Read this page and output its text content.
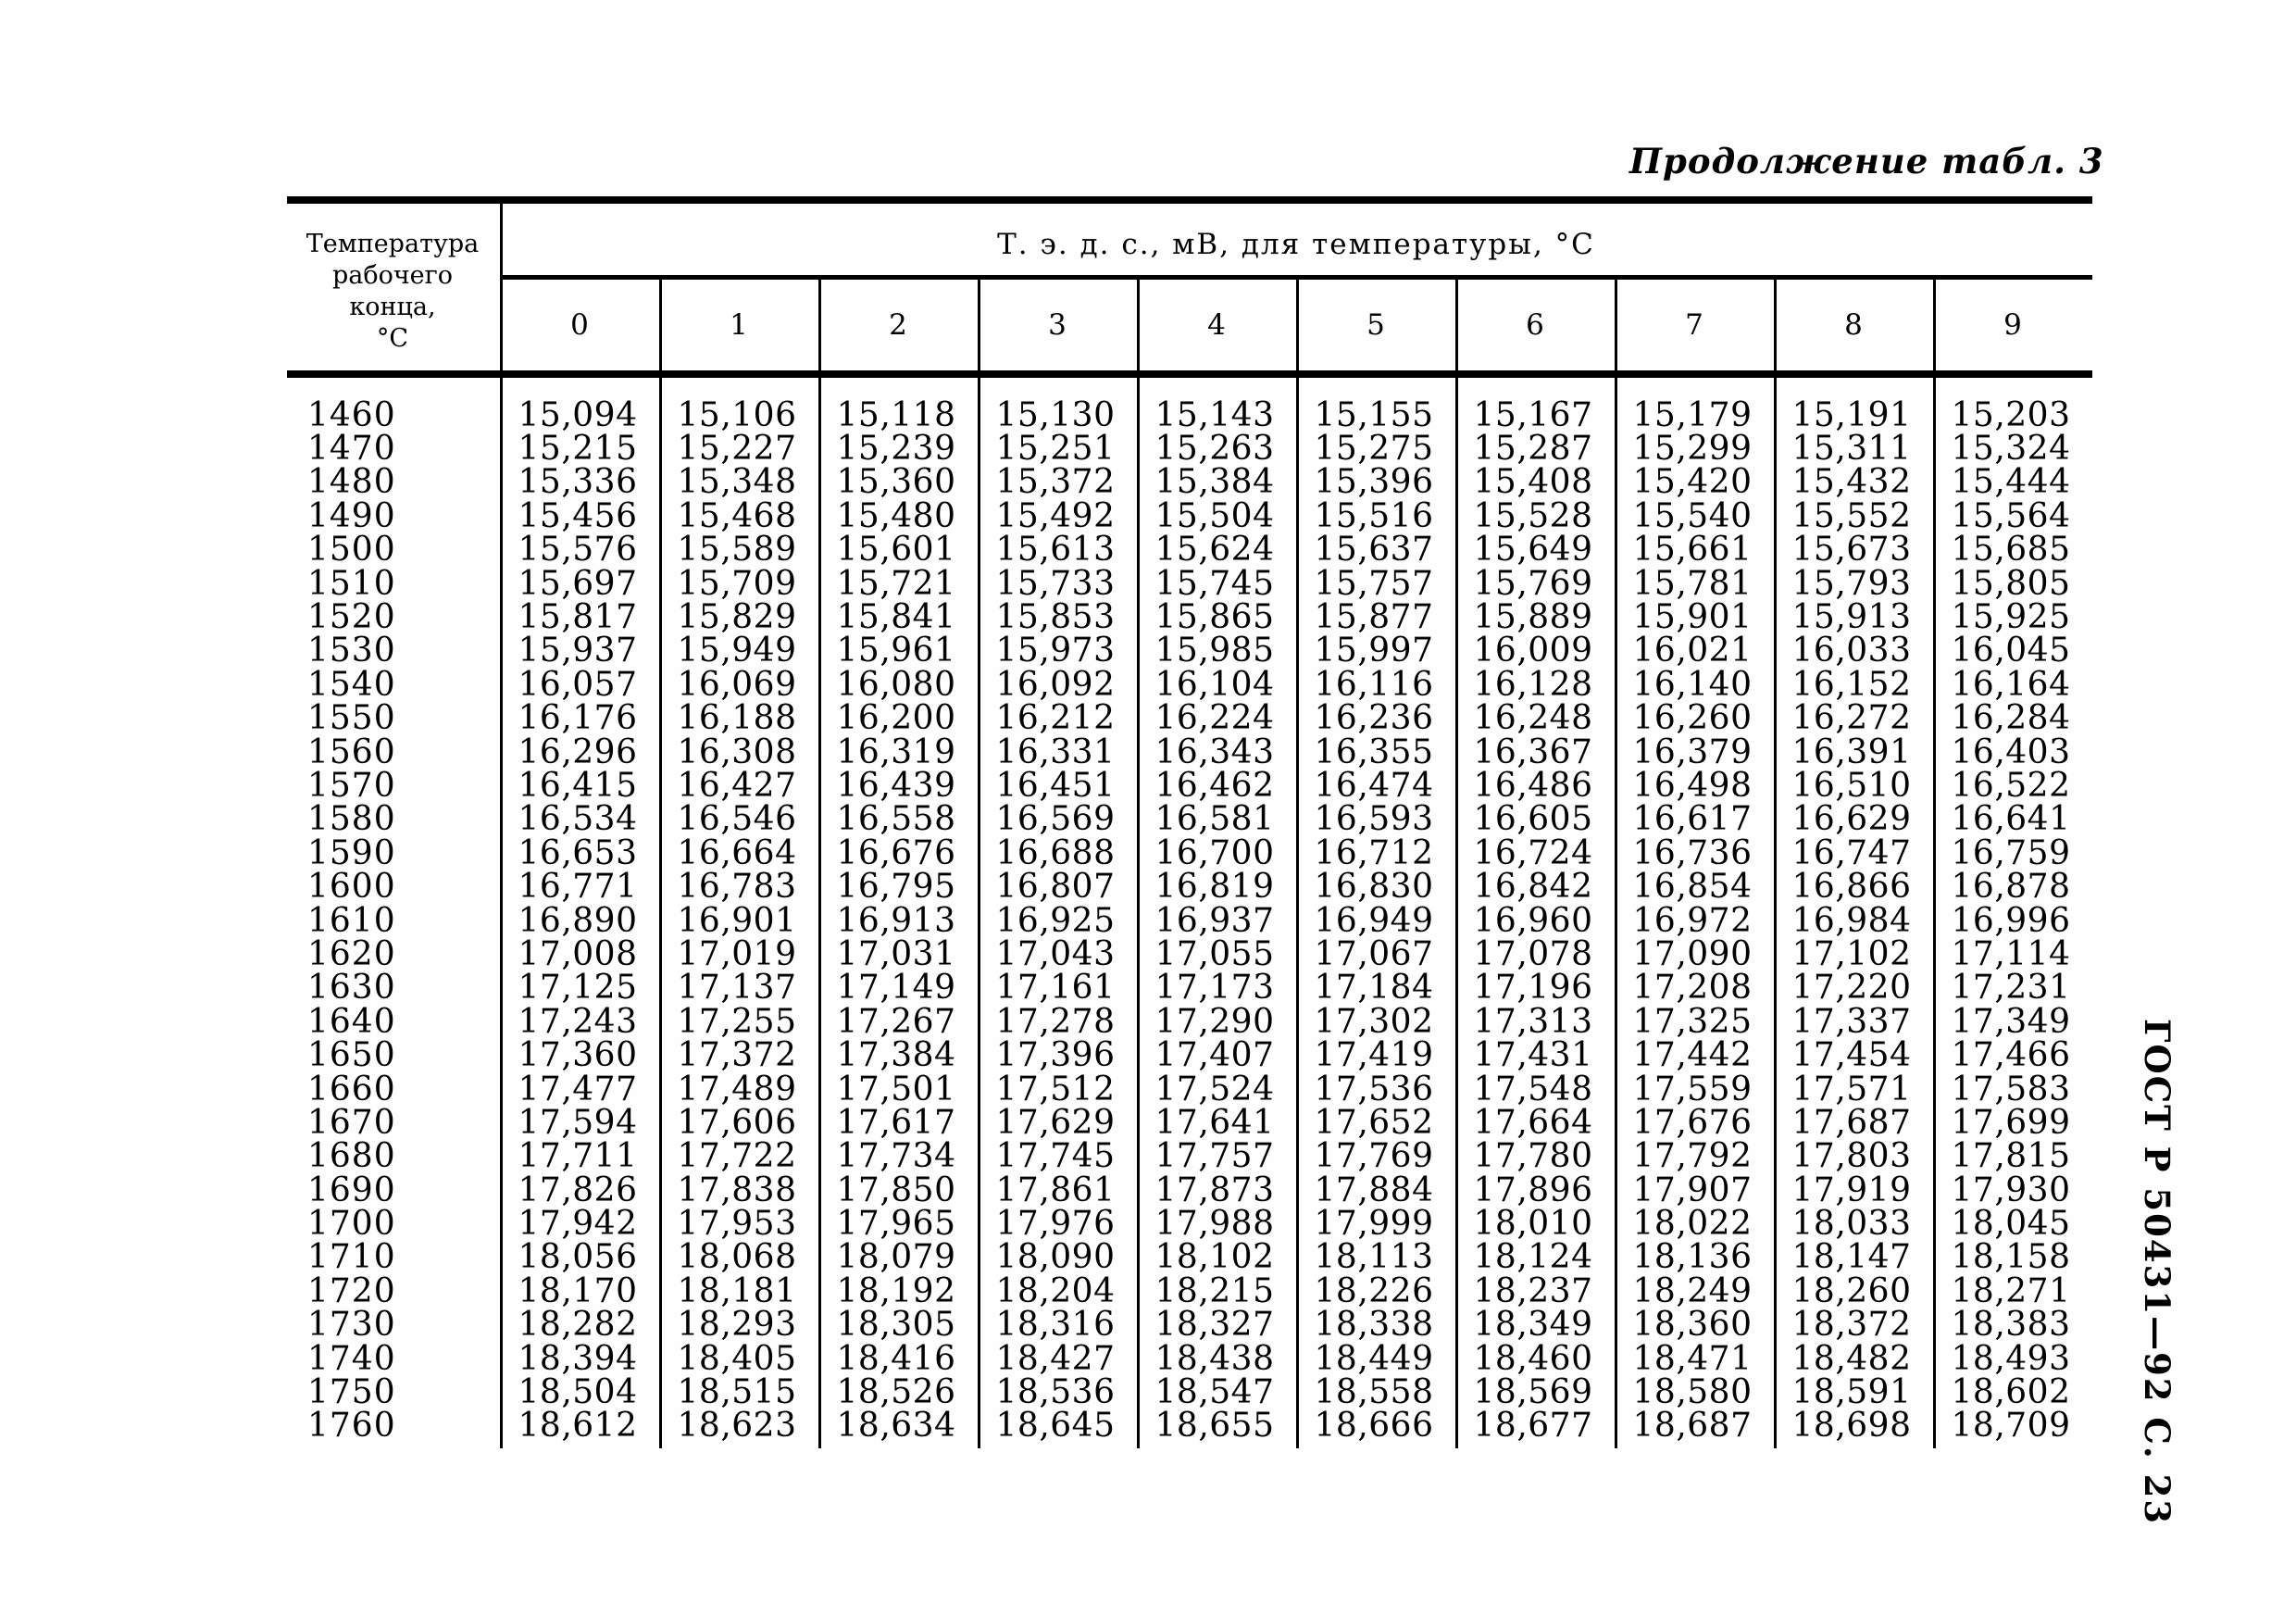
Продолжение табл. 3
Температура
рабочего
конца,
°С
Т. э. д. с., мВ, для температуры, °С
0	1	2	3	4	5	6	7	8	9
1460	15,094	15,106	15,118	15,130	15,143	15,155	15,167	15,179	15,191	15,203
1470	15,215	15,227	15,239	15,251	15,263	15,275	15,287	15,299	15,311	15,324
1480	15,336	15,348	15,360	15,372	15,384	15,396	15,408	15,420	15,432	15,444
1490	15,456	15,468	15,480	15,492	15,504	15,516	15,528	15,540	15,552	15,564
1500	15,576	15,589	15,601	15,613	15,624	15,637	15,649	15,661	15,673	15,685
1510	15,697	15,709	15,721	15,733	15,745	15,757	15,769	15,781	15,793	15,805
1520	15,817	15,829	15,841	15,853	15,865	15,877	15,889	15,901	15,913	15,925
1530	15,937	15,949	15,961	15,973	15,985	15,997	16,009	16,021	16,033	16,045
1540	16,057	16,069	16,080	16,092	16,104	16,116	16,128	16,140	16,152	16,164
1550	16,176	16,188	16,200	16,212	16,224	16,236	16,248	16,260	16,272	16,284
1560	16,296	16,308	16,319	16,331	16,343	16,355	16,367	16,379	16,391	16,403
1570	16,415	16,427	16,439	16,451	16,462	16,474	16,486	16,498	16,510	16,522
1580	16,534	16,546	16,558	16,569	16,581	16,593	16,605	16,617	16,629	16,641
1590	16,653	16,664	16,676	16,688	16,700	16,712	16,724	16,736	16,747	16,759
1600	16,771	16,783	16,795	16,807	16,819	16,830	16,842	16,854	16,866	16,878
1610	16,890	16,901	16,913	16,925	16,937	16,949	16,960	16,972	16,984	16,996
1620	17,008	17,019	17,031	17,043	17,055	17,067	17,078	17,090	17,102	17,114
1630	17,125	17,137	17,149	17,161	17,173	17,184	17,196	17,208	17,220	17,231
1640	17,243	17,255	17,267	17,278	17,290	17,302	17,313	17,325	17,337	17,349
1650	17,360	17,372	17,384	17,396	17,407	17,419	17,431	17,442	17,454	17,466
1660	17,477	17,489	17,501	17,512	17,524	17,536	17,548	17,559	17,571	17,583
1670	17,594	17,606	17,617	17,629	17,641	17,652	17,664	17,676	17,687	17,699
1680	17,711	17,722	17,734	17,745	17,757	17,769	17,780	17,792	17,803	17,815
1690	17,826	17,838	17,850	17,861	17,873	17,884	17,896	17,907	17,919	17,930
1700	17,942	17,953	17,965	17,976	17,988	17,999	18,010	18,022	18,033	18,045
1710	18,056	18,068	18,079	18,090	18,102	18,113	18,124	18,136	18,147	18,158
1720	18,170	18,181	18,192	18,204	18,215	18,226	18,237	18,249	18,260	18,271
1730	18,282	18,293	18,305	18,316	18,327	18,338	18,349	18,360	18,372	18,383
1740	18,394	18,405	18,416	18,427	18,438	18,449	18,460	18,471	18,482	18,493
1750	18,504	18,515	18,526	18,536	18,547	18,558	18,569	18,580	18,591	18,602
1760	18,612	18,623	18,634	18,645	18,655	18,666	18,677	18,687	18,698	18,709	ГОСТ Р 50431—92 С. 23
